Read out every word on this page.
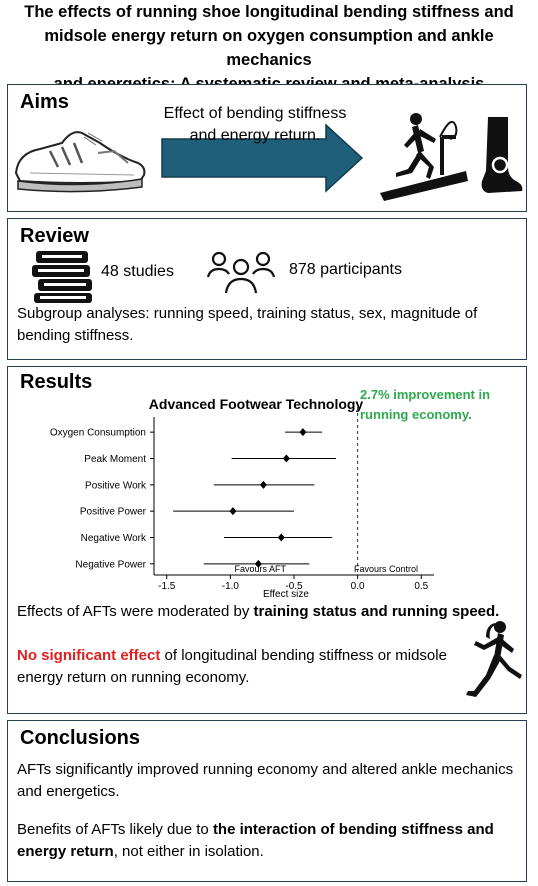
The effects of running shoe longitudinal bending stiffness and
midsole energy return on oxygen consumption and ankle mechanics
Aims
Effect of bending stiffness
and energy return.
Review
48 studies	878 participants
Subgroup analyses: running speed, training status, sex, magnitude of
bending stiffness.
Results
Advanced Footwear Technology
-1.5	-1.0	-0.5	0.0	0.5
Oxygen Consumption
Peak Moment
Positive Work
Positive Power
Negative Work
Negative Power	Favours AFT	Favours Control
Effect size
2.7% improvement in
running economy.
Effects of AFTs were moderated by training status and running speed.
No significant effect of longitudinal bending stiffness or midsole
energy return on running economy.
Conclusions
AFTs significantly improved running economy and altered ankle mechanics
and energetics.
Benefits of AFTs likely due to the interaction of bending stiffness and
energy return, not either in isolation.
